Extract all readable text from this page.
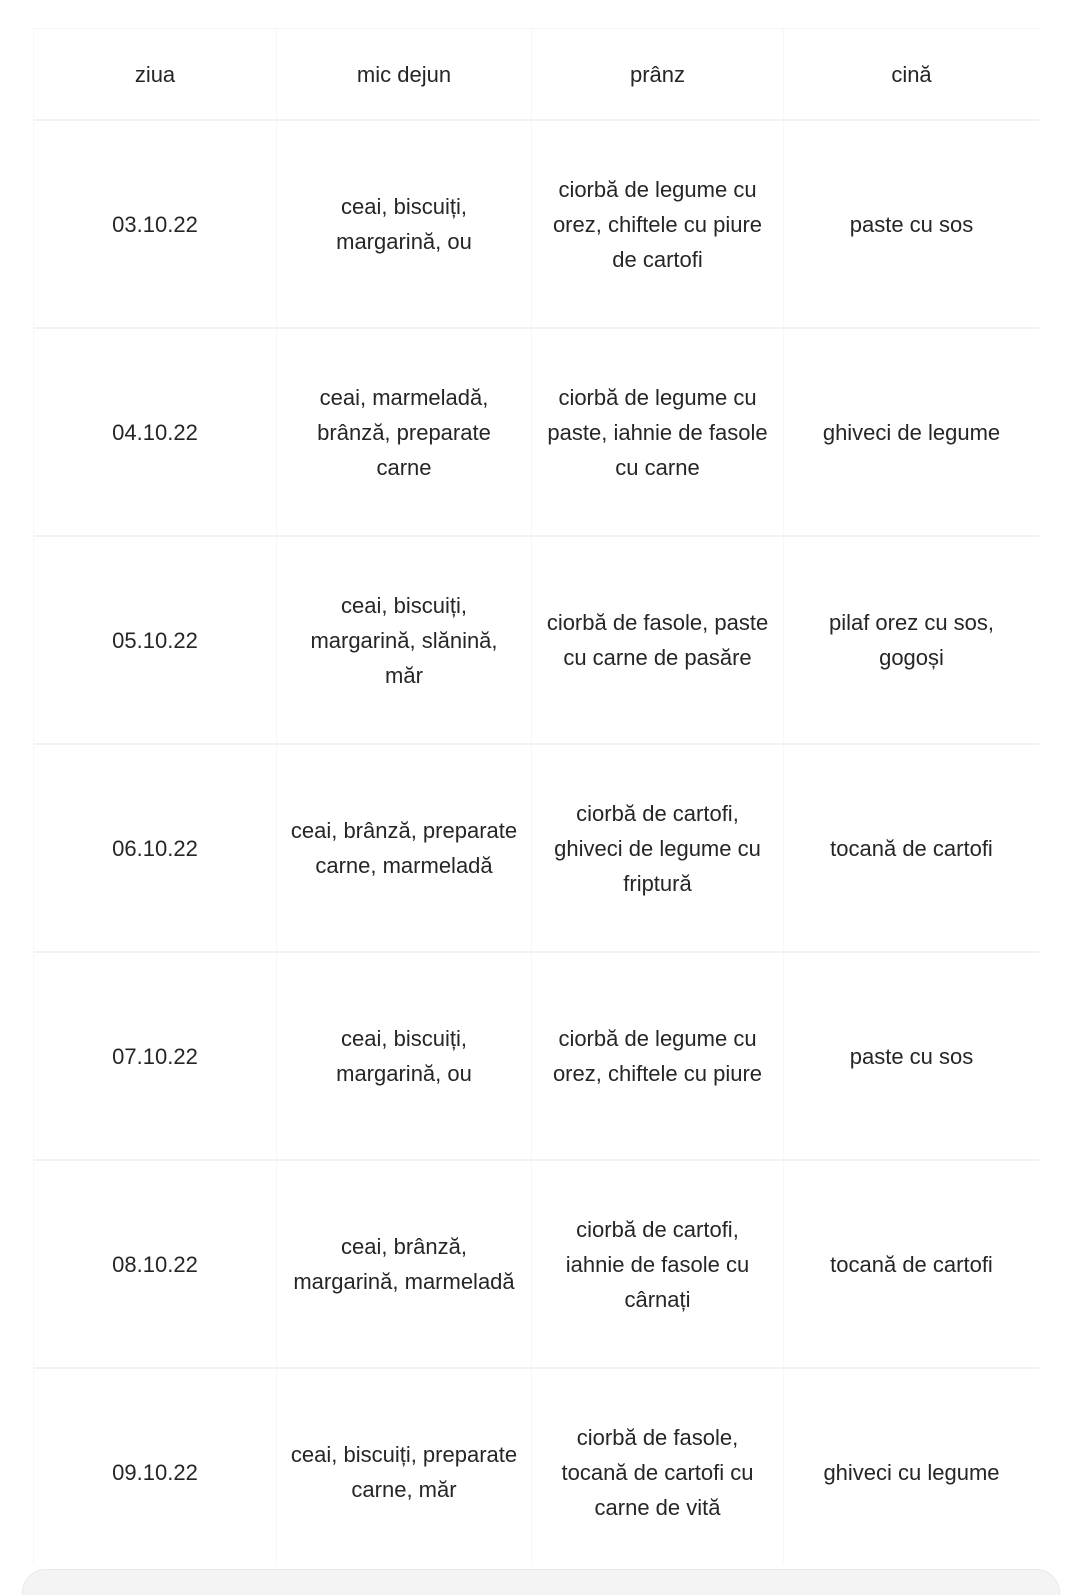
ziua	mic dejun	prânz	cină
03.10.22	ceai, biscuiți, margarină, ou	ciorbă de legume cu orez, chiftele cu piure de cartofi	paste cu sos
04.10.22	ceai, marmeladă, brânză, preparate carne	ciorbă de legume cu paste, iahnie de fasole cu carne	ghiveci de legume
05.10.22	ceai, biscuiți, margarină, slănină, măr	ciorbă de fasole, paste cu carne de pasăre	pilaf orez cu sos, gogoși
06.10.22	ceai, brânză, preparate carne, marmeladă	ciorbă de cartofi, ghiveci de legume cu friptură	tocană de cartofi
07.10.22	ceai, biscuiți, margarină, ou	ciorbă de legume cu orez, chiftele cu piure	paste cu sos
08.10.22	ceai, brânză, margarină, marmeladă	ciorbă de cartofi, iahnie de fasole cu cârnați	tocană de cartofi
09.10.22	ceai, biscuiți, preparate carne, măr	ciorbă de fasole, tocană de cartofi cu carne de vită	ghiveci cu legume
